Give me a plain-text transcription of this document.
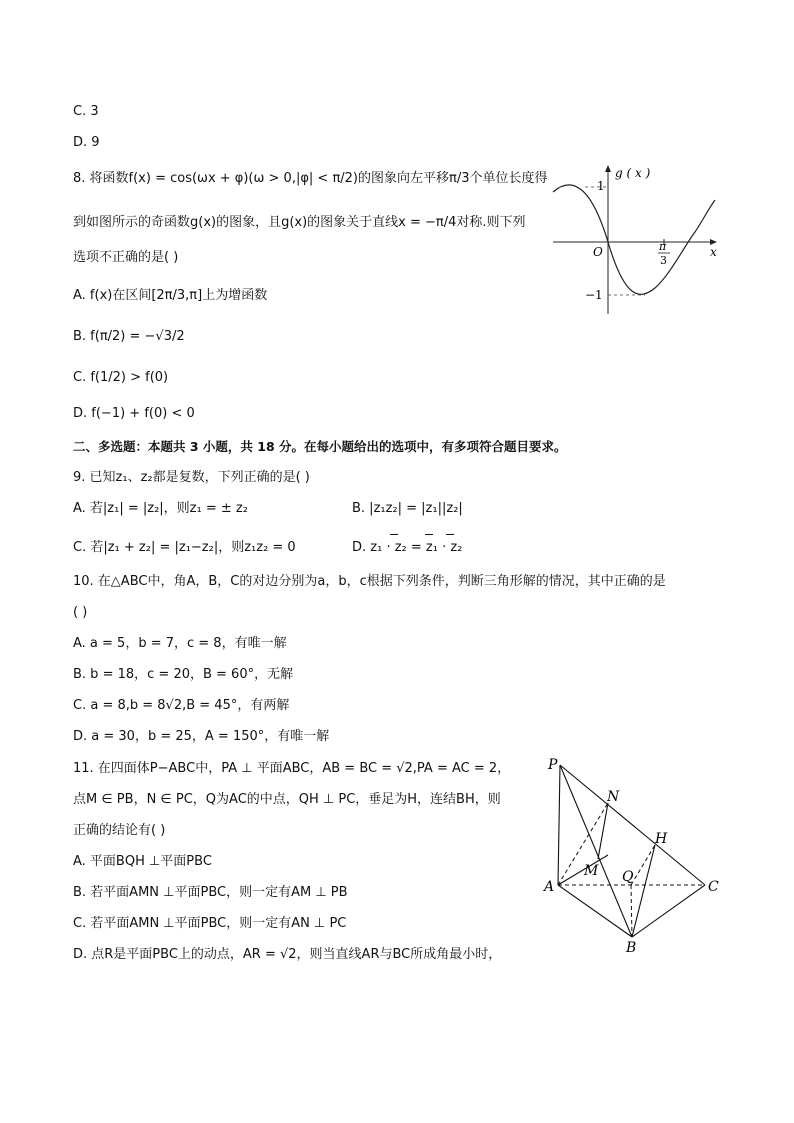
C. 3
D. 9
8. 将函数f(x) = cos(ωx + φ)(ω > 0,|φ| < π/2)的图象向左平移π/3个单位长度得
到如图所示的奇函数g(x)的图象，且g(x)的图象关于直线x = −π/4对称.则下列
选项不正确的是( )
A. f(x)在区间[2π/3,π]上为增函数
B. f(π/2) = −√3/2
C. f(1/2) > f(0)
D. f(−1) + f(0) < 0
g ( x )
x
O
1
−1
π
3
二、多选题：本题共 3 小题，共 18 分。在每小题给出的选项中，有多项符合题目要求。
9. 已知z₁、z₂都是复数，下列正确的是( )
A. 若|z₁| = |z₂|，则z₁ = ± z₂	B. |z₁z₂| = |z₁||z₂|
C. 若|z₁ + z₂| = |z₁−z₂|，则z₁z₂ = 0	D. z₁ · z₂ = z₁ · z₂
10. 在△ABC中，角A，B，C的对边分别为a，b，c根据下列条件，判断三角形解的情况，其中正确的是
( )
A. a = 5，b = 7，c = 8，有唯一解
B. b = 18，c = 20，B = 60°，无解
C. a = 8,b = 8√2,B = 45°，有两解
D. a = 30，b = 25，A = 150°，有唯一解
11. 在四面体P−ABC中，PA ⊥ 平面ABC，AB = BC = √2,PA = AC = 2，
点M ∈ PB，N ∈ PC，Q为AC的中点，QH ⊥ PC，垂足为H，连结BH，则
正确的结论有( )
A. 平面BQH ⊥平面PBC
B. 若平面AMN ⊥平面PBC，则一定有AM ⊥ PB
C. 若平面AMN ⊥平面PBC，则一定有AN ⊥ PC
D. 点R是平面PBC上的动点，AR = √2，则当直线AR与BC所成角最小时，
P
N
H
M Q
A
B
C
